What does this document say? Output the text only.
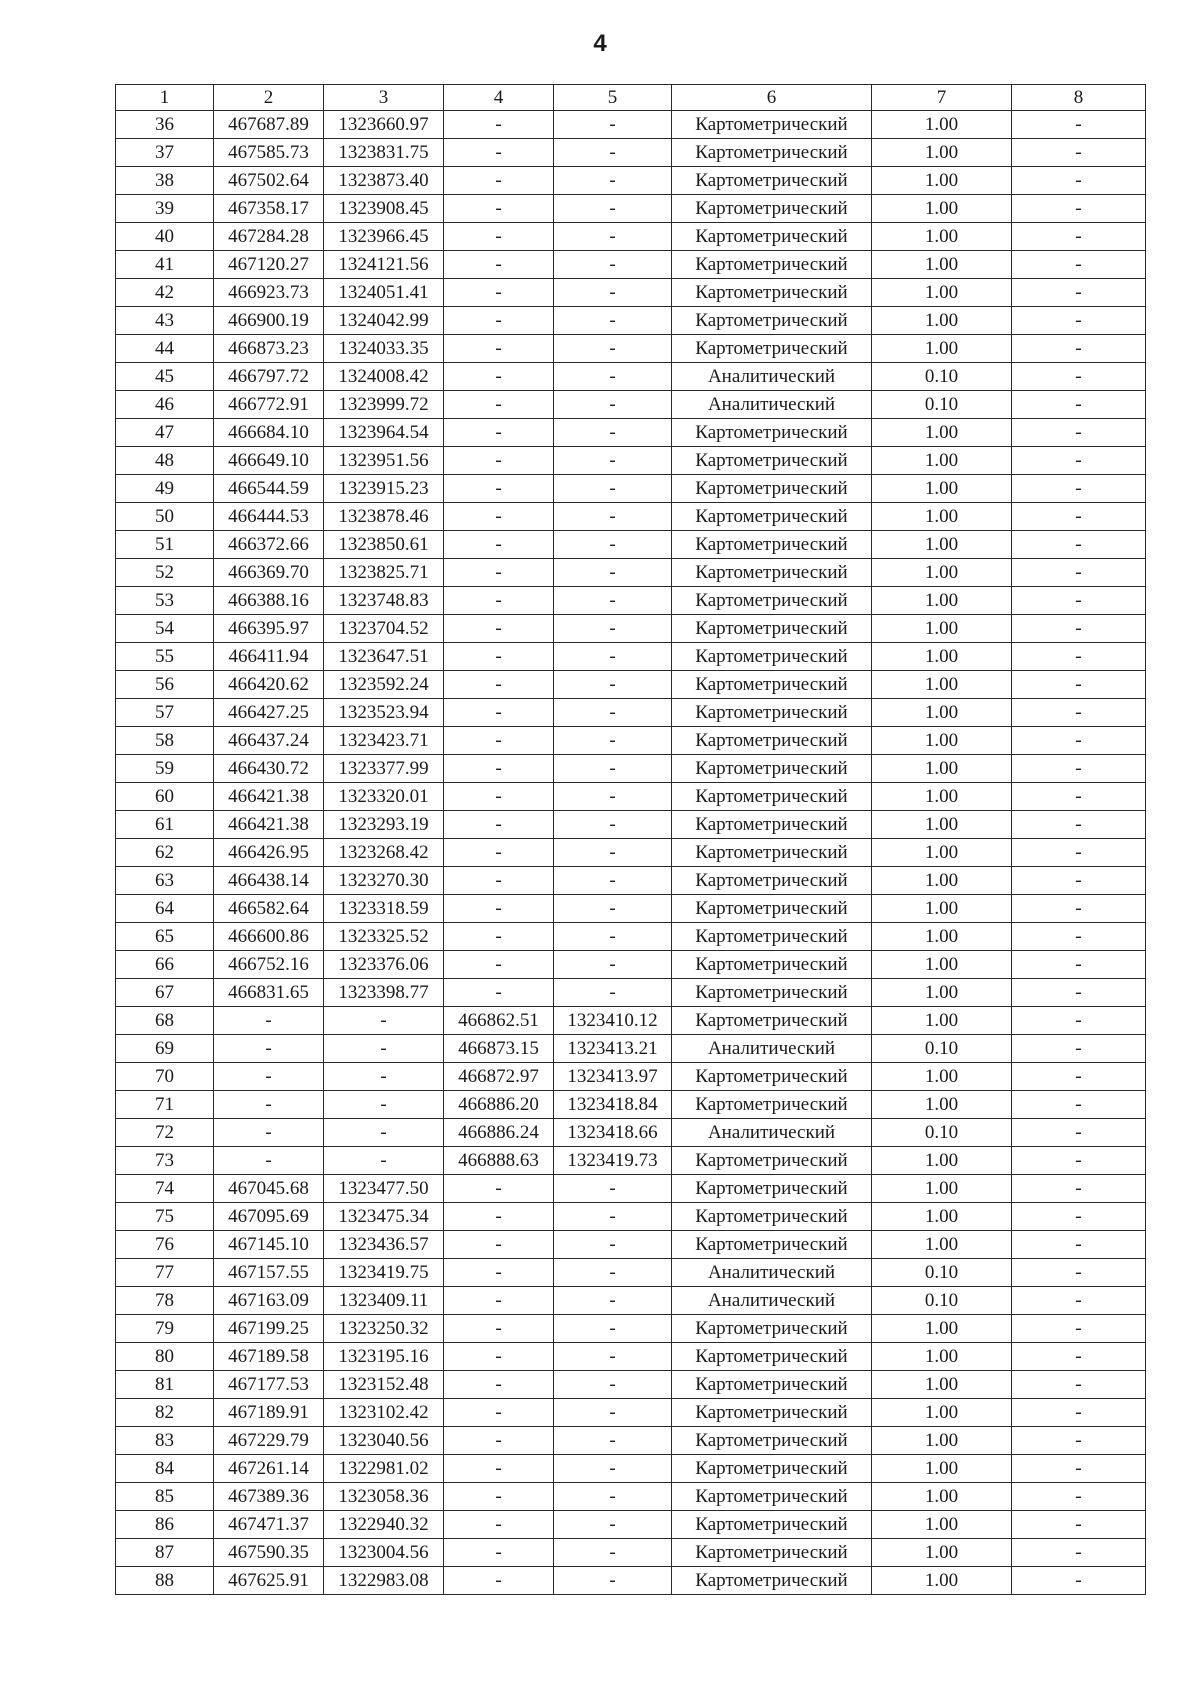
4
1	2	3	4	5	6	7	8
36	467687.89	1323660.97	-	-	Картометрический	1.00	-
37	467585.73	1323831.75	-	-	Картометрический	1.00	-
38	467502.64	1323873.40	-	-	Картометрический	1.00	-
39	467358.17	1323908.45	-	-	Картометрический	1.00	-
40	467284.28	1323966.45	-	-	Картометрический	1.00	-
41	467120.27	1324121.56	-	-	Картометрический	1.00	-
42	466923.73	1324051.41	-	-	Картометрический	1.00	-
43	466900.19	1324042.99	-	-	Картометрический	1.00	-
44	466873.23	1324033.35	-	-	Картометрический	1.00	-
45	466797.72	1324008.42	-	-	Аналитический	0.10	-
46	466772.91	1323999.72	-	-	Аналитический	0.10	-
47	466684.10	1323964.54	-	-	Картометрический	1.00	-
48	466649.10	1323951.56	-	-	Картометрический	1.00	-
49	466544.59	1323915.23	-	-	Картометрический	1.00	-
50	466444.53	1323878.46	-	-	Картометрический	1.00	-
51	466372.66	1323850.61	-	-	Картометрический	1.00	-
52	466369.70	1323825.71	-	-	Картометрический	1.00	-
53	466388.16	1323748.83	-	-	Картометрический	1.00	-
54	466395.97	1323704.52	-	-	Картометрический	1.00	-
55	466411.94	1323647.51	-	-	Картометрический	1.00	-
56	466420.62	1323592.24	-	-	Картометрический	1.00	-
57	466427.25	1323523.94	-	-	Картометрический	1.00	-
58	466437.24	1323423.71	-	-	Картометрический	1.00	-
59	466430.72	1323377.99	-	-	Картометрический	1.00	-
60	466421.38	1323320.01	-	-	Картометрический	1.00	-
61	466421.38	1323293.19	-	-	Картометрический	1.00	-
62	466426.95	1323268.42	-	-	Картометрический	1.00	-
63	466438.14	1323270.30	-	-	Картометрический	1.00	-
64	466582.64	1323318.59	-	-	Картометрический	1.00	-
65	466600.86	1323325.52	-	-	Картометрический	1.00	-
66	466752.16	1323376.06	-	-	Картометрический	1.00	-
67	466831.65	1323398.77	-	-	Картометрический	1.00	-
68	-	-	466862.51	1323410.12	Картометрический	1.00	-
69	-	-	466873.15	1323413.21	Аналитический	0.10	-
70	-	-	466872.97	1323413.97	Картометрический	1.00	-
71	-	-	466886.20	1323418.84	Картометрический	1.00	-
72	-	-	466886.24	1323418.66	Аналитический	0.10	-
73	-	-	466888.63	1323419.73	Картометрический	1.00	-
74	467045.68	1323477.50	-	-	Картометрический	1.00	-
75	467095.69	1323475.34	-	-	Картометрический	1.00	-
76	467145.10	1323436.57	-	-	Картометрический	1.00	-
77	467157.55	1323419.75	-	-	Аналитический	0.10	-
78	467163.09	1323409.11	-	-	Аналитический	0.10	-
79	467199.25	1323250.32	-	-	Картометрический	1.00	-
80	467189.58	1323195.16	-	-	Картометрический	1.00	-
81	467177.53	1323152.48	-	-	Картометрический	1.00	-
82	467189.91	1323102.42	-	-	Картометрический	1.00	-
83	467229.79	1323040.56	-	-	Картометрический	1.00	-
84	467261.14	1322981.02	-	-	Картометрический	1.00	-
85	467389.36	1323058.36	-	-	Картометрический	1.00	-
86	467471.37	1322940.32	-	-	Картометрический	1.00	-
87	467590.35	1323004.56	-	-	Картометрический	1.00	-
88	467625.91	1322983.08	-	-	Картометрический	1.00	-
